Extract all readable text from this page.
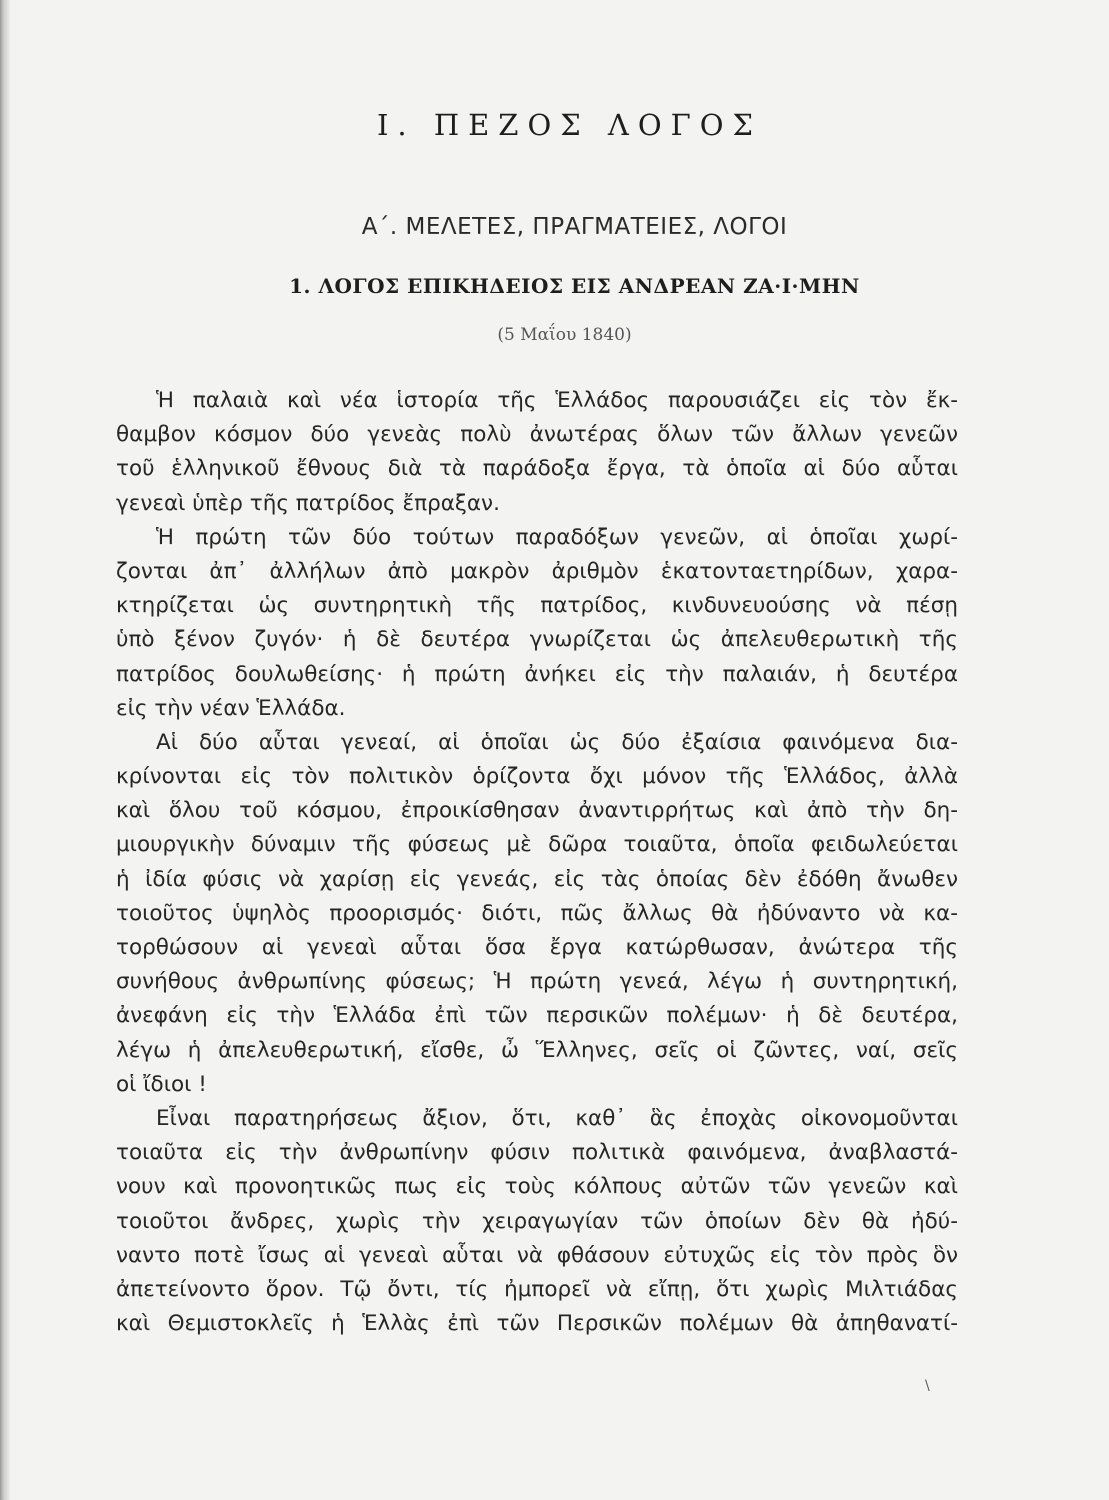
I. ΠΕΖΟΣ ΛΟΓΟΣ
Α΄. ΜΕΛΕΤΕΣ, ΠΡΑΓΜΑΤΕΙΕΣ, ΛΟΓΟΙ
1. ΛΟΓΟΣ ΕΠΙΚΗΔΕΙΟΣ ΕΙΣ ΑΝΔΡΕΑΝ ΖΑ·Ι·ΜΗΝ
(5 Μαΐου 1840)
Ἡ παλαιὰ καὶ νέα ἱστορία τῆς Ἑλλάδος παρουσιάζει εἰς τὸν ἔκ-
θαμβον κόσμον δύο γενεὰς πολὺ ἀνωτέρας ὅλων τῶν ἄλλων γενεῶν
τοῦ ἑλληνικοῦ ἔθνους διὰ τὰ παράδοξα ἔργα, τὰ ὁποῖα αἱ δύο αὗται
γενεαὶ ὑπὲρ τῆς πατρίδος ἔπραξαν.
Ἡ πρώτη τῶν δύο τούτων παραδόξων γενεῶν, αἱ ὁποῖαι χωρί-
ζονται ἀπ᾿ ἀλλήλων ἀπὸ μακρὸν ἀριθμὸν ἑκατονταετηρίδων, χαρα-
κτηρίζεται ὡς συντηρητικὴ τῆς πατρίδος, κινδυνευούσης νὰ πέσῃ
ὑπὸ ξένον ζυγόν· ἡ δὲ δευτέρα γνωρίζεται ὡς ἀπελευθερωτικὴ τῆς
πατρίδος δουλωθείσης· ἡ πρώτη ἀνήκει εἰς τὴν παλαιάν, ἡ δευτέρα
εἰς τὴν νέαν Ἑλλάδα.
Αἱ δύο αὗται γενεαί, αἱ ὁποῖαι ὡς δύο ἐξαίσια φαινόμενα δια-
κρίνονται εἰς τὸν πολιτικὸν ὁρίζοντα ὄχι μόνον τῆς Ἑλλάδος, ἀλλὰ
καὶ ὅλου τοῦ κόσμου, ἐπροικίσθησαν ἀναντιρρήτως καὶ ἀπὸ τὴν δη-
μιουργικὴν δύναμιν τῆς φύσεως μὲ δῶρα τοιαῦτα, ὁποῖα φειδωλεύεται
ἡ ἰδία φύσις νὰ χαρίσῃ εἰς γενεάς, εἰς τὰς ὁποίας δὲν ἐδόθη ἄνωθεν
τοιοῦτος ὑψηλὸς προορισμός· διότι, πῶς ἄλλως θὰ ἠδύναντο νὰ κα-
τορθώσουν αἱ γενεαὶ αὗται ὅσα ἔργα κατώρθωσαν, ἀνώτερα τῆς
συνήθους ἀνθρωπίνης φύσεως; Ἡ πρώτη γενεά, λέγω ἡ συντηρητική,
ἀνεφάνη εἰς τὴν Ἑλλάδα ἐπὶ τῶν περσικῶν πολέμων· ἡ δὲ δευτέρα,
λέγω ἡ ἀπελευθερωτική, εἴσθε, ὦ Ἕλληνες, σεῖς οἱ ζῶντες, ναί, σεῖς
οἱ ἴδιοι !
Εἶναι παρατηρήσεως ἄξιον, ὅτι, καθ᾿ ἃς ἐποχὰς οἰκονομοῦνται
τοιαῦτα εἰς τὴν ἀνθρωπίνην φύσιν πολιτικὰ φαινόμενα, ἀναβλαστά-
νουν καὶ προνοητικῶς πως εἰς τοὺς κόλπους αὐτῶν τῶν γενεῶν καὶ
τοιοῦτοι ἄνδρες, χωρὶς τὴν χειραγωγίαν τῶν ὁποίων δὲν θὰ ἠδύ-
ναντο ποτὲ ἴσως αἱ γενεαὶ αὗται νὰ φθάσουν εὐτυχῶς εἰς τὸν πρὸς ὃν
ἀπετείνοντο ὅρον. Τῷ ὄντι, τίς ἠμπορεῖ νὰ εἴπῃ, ὅτι χωρὶς Μιλτιάδας
καὶ Θεμιστοκλεῖς ἡ Ἑλλὰς ἐπὶ τῶν Περσικῶν πολέμων θὰ ἀπηθανατί-
\
